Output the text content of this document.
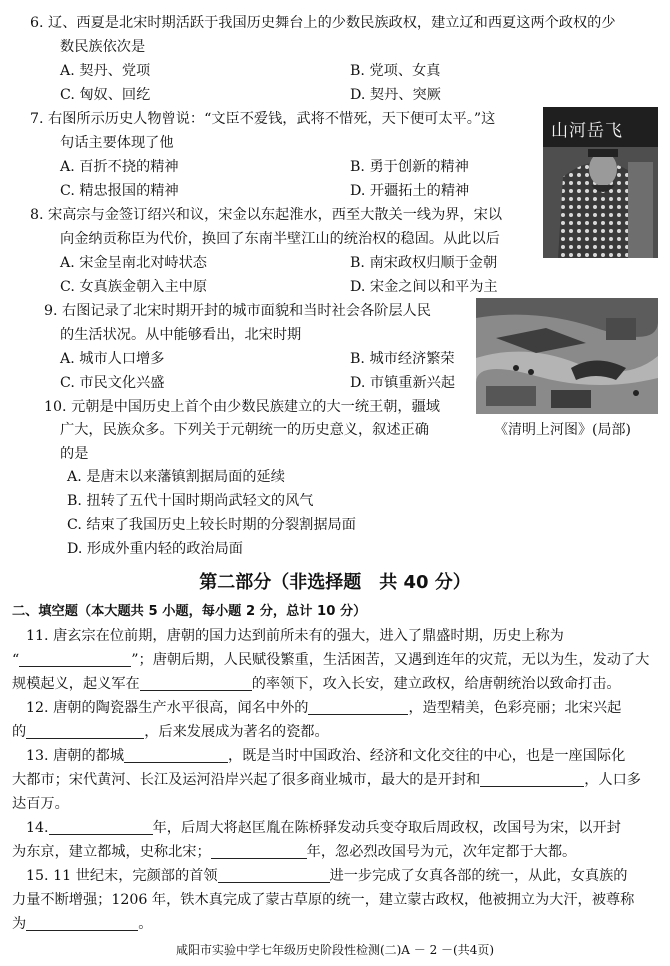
6. 辽、西夏是北宋时期活跃于我国历史舞台上的少数民族政权，建立辽和西夏这两个政权的少
数民族依次是
A. 契丹、党项	B. 党项、女真
C. 匈奴、回纥	D. 契丹、突厥
7. 右图所示历史人物曾说：“文臣不爱钱，武将不惜死，天下便可太平。”这
句话主要体现了他
A. 百折不挠的精神	B. 勇于创新的精神
C. 精忠报国的精神	D. 开疆拓土的精神
山河岳飞
8. 宋高宗与金签订绍兴和议，宋金以东起淮水，西至大散关一线为界，宋以
向金纳贡称臣为代价，换回了东南半壁江山的统治权的稳固。从此以后
A. 宋金呈南北对峙状态	B. 南宋政权归顺于金朝
C. 女真族金朝入主中原	D. 宋金之间以和平为主
9. 右图记录了北宋时期开封的城市面貌和当时社会各阶层人民
的生活状况。从中能够看出，北宋时期
A. 城市人口增多	B. 城市经济繁荣
C. 市民文化兴盛	D. 市镇重新兴起
《清明上河图》(局部)
10. 元朝是中国历史上首个由少数民族建立的大一统王朝，疆域
广大，民族众多。下列关于元朝统一的历史意义，叙述正确
的是
A. 是唐末以来藩镇割据局面的延续
B. 扭转了五代十国时期尚武轻文的风气
C. 结束了我国历史上较长时期的分裂割据局面
D. 形成外重内轻的政治局面
第二部分（非选择题　共 40 分）
二、填空题（本大题共 5 小题，每小题 2 分，总计 10 分）
11. 唐玄宗在位前期，唐朝的国力达到前所未有的强大，进入了鼎盛时期，历史上称为
“	”；唐朝后期，人民赋役繁重，生活困苦，又遇到连年的灾荒，无以为生，发动了大
规模起义，起义军在	的率领下，攻入长安，建立政权，给唐朝统治以致命打击。
12. 唐朝的陶瓷器生产水平很高，闻名中外的	，造型精美，色彩亮丽；北宋兴起
的	，后来发展成为著名的瓷都。
13. 唐朝的都城	，既是当时中国政治、经济和文化交往的中心，也是一座国际化
大都市；宋代黄河、长江及运河沿岸兴起了很多商业城市，最大的是开封和	，人口多
达百万。
14.	年，后周大将赵匡胤在陈桥驿发动兵变夺取后周政权，改国号为宋，以开封
为东京，建立都城，史称北宋；	年，忽必烈改国号为元，次年定都于大都。
15. 11 世纪末，完颜部的首领	进一步完成了女真各部的统一，从此，女真族的
力量不断增强；1206 年，铁木真完成了蒙古草原的统一，建立蒙古政权，他被拥立为大汗，被尊称
为	。
咸阳市实验中学七年级历史阶段性检测(二)A － 2 －(共4页)
